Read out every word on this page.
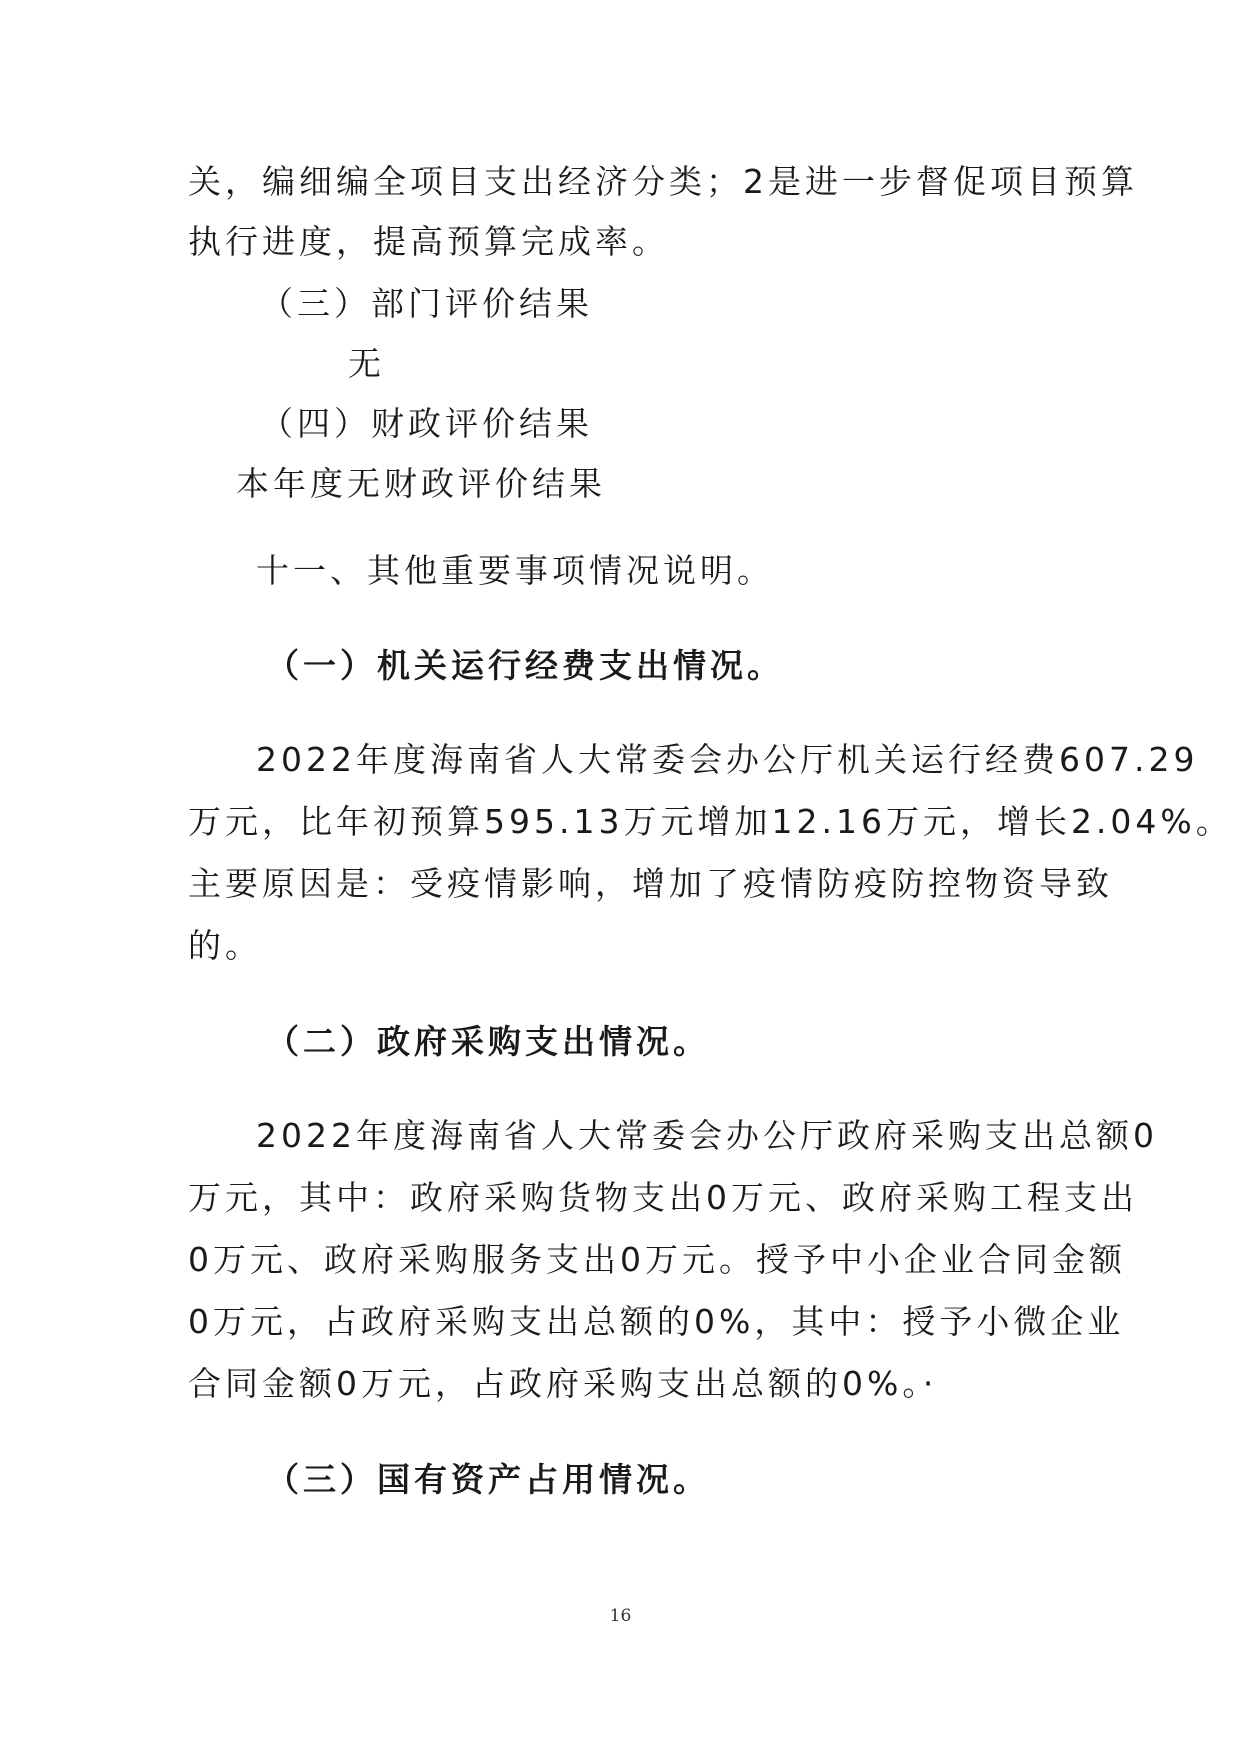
关，编细编全项目支出经济分类；2是进一步督促项目预算
执行进度，提高预算完成率。
（三）部门评价结果
无
（四）财政评价结果
本年度无财政评价结果
十一、其他重要事项情况说明。
（一）机关运行经费支出情况。
2022年度海南省人大常委会办公厅机关运行经费607.29
万元，比年初预算595.13万元增加12.16万元，增长2.04%。
主要原因是：受疫情影响，增加了疫情防疫防控物资导致
的。
（二）政府采购支出情况。
2022年度海南省人大常委会办公厅政府采购支出总额0
万元，其中：政府采购货物支出0万元、政府采购工程支出
0万元、政府采购服务支出0万元。授予中小企业合同金额
0万元，占政府采购支出总额的0%，其中：授予小微企业
合同金额0万元，占政府采购支出总额的0%。·
（三）国有资产占用情况。
16
